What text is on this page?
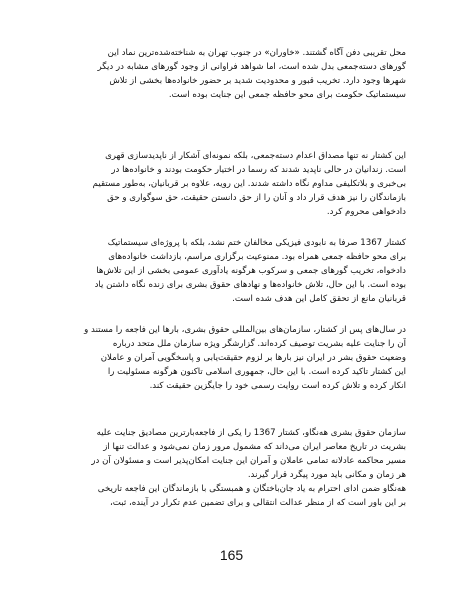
محل تقریبی دفن آگاه گشتند. «خاوران» در جنوب تهران به شناخته‌شده‌ترین نماد این
گورهای دسته‌جمعی بدل شده است، اما شواهد فراوانی از وجود گورهای مشابه در دیگر
شهرها وجود دارد. تخریب قبور و محدودیت شدید بر حضور خانواده‌ها بخشی از تلاش
سیستماتیک حکومت برای محو حافظه جمعی این جنایت بوده است.
این کشتار نه تنها مصداق اعدام دسته‌جمعی، بلکه نمونه‌ای آشکار از ناپدیدسازی قهری
است. زندانیان در حالی ناپدید شدند که رسما در اختیار حکومت بودند و خانواده‌ها در
بی‌خبری و بلاتکلیفی مداوم نگاه داشته شدند. این رویه، علاوه بر قربانیان، به‌طور مستقیم
بازماندگان را نیز هدف قرار داد و آنان را از حق دانستن حقیقت، حق سوگواری و حق
دادخواهی محروم کرد.
کشتار 1367 صرفا به نابودی فیزیکی مخالفان ختم نشد، بلکه با پروژه‌ای سیستماتیک
برای محو حافظه جمعی همراه بود. ممنوعیت برگزاری مراسم، بازداشت خانواده‌های
دادخواه، تخریب گورهای جمعی و سرکوب هرگونه یادآوری عمومی بخشی از این تلاش‌ها
بوده است. با این حال، تلاش خانواده‌ها و نهادهای حقوق بشری برای زنده نگاه داشتن یاد
قربانیان مانع از تحقق کامل این هدف شده است.
در سال‌های پس از کشتار، سازمان‌های بین‌المللی حقوق بشری، بارها این فاجعه را مستند و
آن را جنایت علیه بشریت توصیف کرده‌اند. گزارشگر ویژه سازمان ملل متحد درباره
وضعیت حقوق بشر در ایران نیز بارها بر لزوم حقیقت‌یابی و پاسخگویی آمران و عاملان
این کشتار تاکید کرده است. با این حال، جمهوری اسلامی تاکنون هرگونه مسئولیت را
انکار کرده و تلاش کرده است روایت رسمی خود را جایگزین حقیقت کند.
سازمان حقوق بشری هه‌نگاو، کشتار 1367 را یکی از فاجعه‌بارترین مصادیق جنایت علیه
بشریت در تاریخ معاصر ایران می‌داند که مشمول مرور زمان نمی‌شود و عدالت تنها از
مسیر محاکمه عادلانه تمامی عاملان و آمران این جنایت امکان‌پذیر است و مسئولان آن در
هر زمان و مکانی باید مورد پیگرد قرار گیرند.
هه‌نگاو ضمن ادای احترام به یاد جان‌باختگان و همبستگی با بازماندگان این فاجعه تاریخی
بر این باور است که از منظر عدالت انتقالی و برای تضمین عدم تکرار در آینده، ثبت،
165
